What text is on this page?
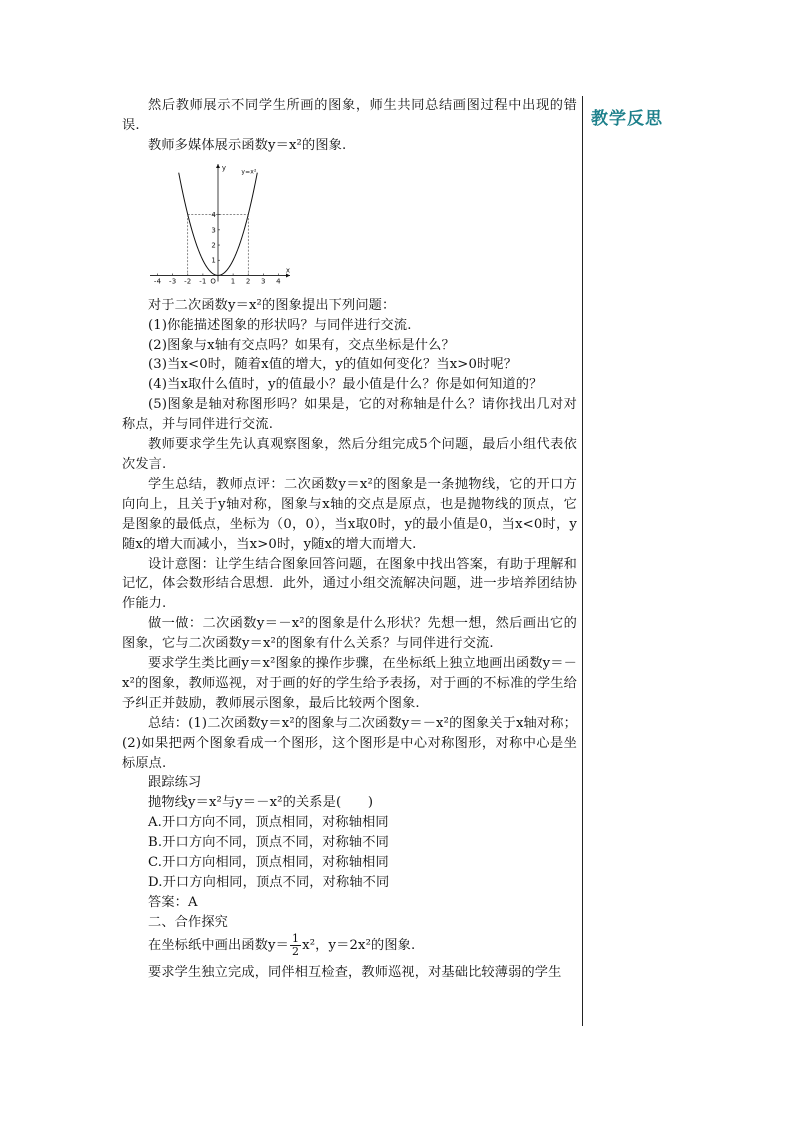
然后教师展示不同学生所画的图象，师生共同总结画图过程中出现的错误.

教师多媒体展示函数y＝x²的图象.

-4 -3 -2 -1	1 2 3 4
1
2
3
4
O
x
y
y=x²

对于二次函数y＝x²的图象提出下列问题：

(1)你能描述图象的形状吗？与同伴进行交流.

(2)图象与x轴有交点吗？如果有，交点坐标是什么？

(3)当x<0时，随着x值的增大，y的值如何变化？当x>0时呢？

(4)当x取什么值时，y的值最小？最小值是什么？你是如何知道的？

(5)图象是轴对称图形吗？如果是，它的对称轴是什么？请你找出几对对称点，并与同伴进行交流.

教师要求学生先认真观察图象，然后分组完成5个问题，最后小组代表依次发言.

学生总结，教师点评：二次函数y＝x²的图象是一条抛物线，它的开口方向向上，且关于y轴对称，图象与x轴的交点是原点，也是抛物线的顶点，它是图象的最低点，坐标为（0，0），当x取0时，y的最小值是0，当x<0时，y随x的增大而减小，当x>0时，y随x的增大而增大.

设计意图：让学生结合图象回答问题，在图象中找出答案，有助于理解和记忆，体会数形结合思想．此外，通过小组交流解决问题，进一步培养团结协作能力.

做一做：二次函数y＝－x²的图象是什么形状？先想一想，然后画出它的图象，它与二次函数y＝x²的图象有什么关系？与同伴进行交流.

要求学生类比画y＝x²图象的操作步骤，在坐标纸上独立地画出函数y＝－x²的图象，教师巡视，对于画的好的学生给予表扬，对于画的不标准的学生给予纠正并鼓励，教师展示图象，最后比较两个图象.

总结：(1)二次函数y＝x²的图象与二次函数y＝－x²的图象关于x轴对称；(2)如果把两个图象看成一个图形，这个图形是中心对称图形，对称中心是坐标原点.

跟踪练习

抛物线y＝x²与y＝－x²的关系是(　　)

A.开口方向不同，顶点相同，对称轴相同

B.开口方向不同，顶点不同，对称轴不同

C.开口方向相同，顶点相同，对称轴相同

D.开口方向相同，顶点不同，对称轴不同

答案：A

二、合作探究

在坐标纸中画出函数$y= \frac{1}{2} x^2$，y＝2x²的图象.

要求学生独立完成，同伴相互检查，教师巡视，对基础比较薄弱的学生

教学反思
